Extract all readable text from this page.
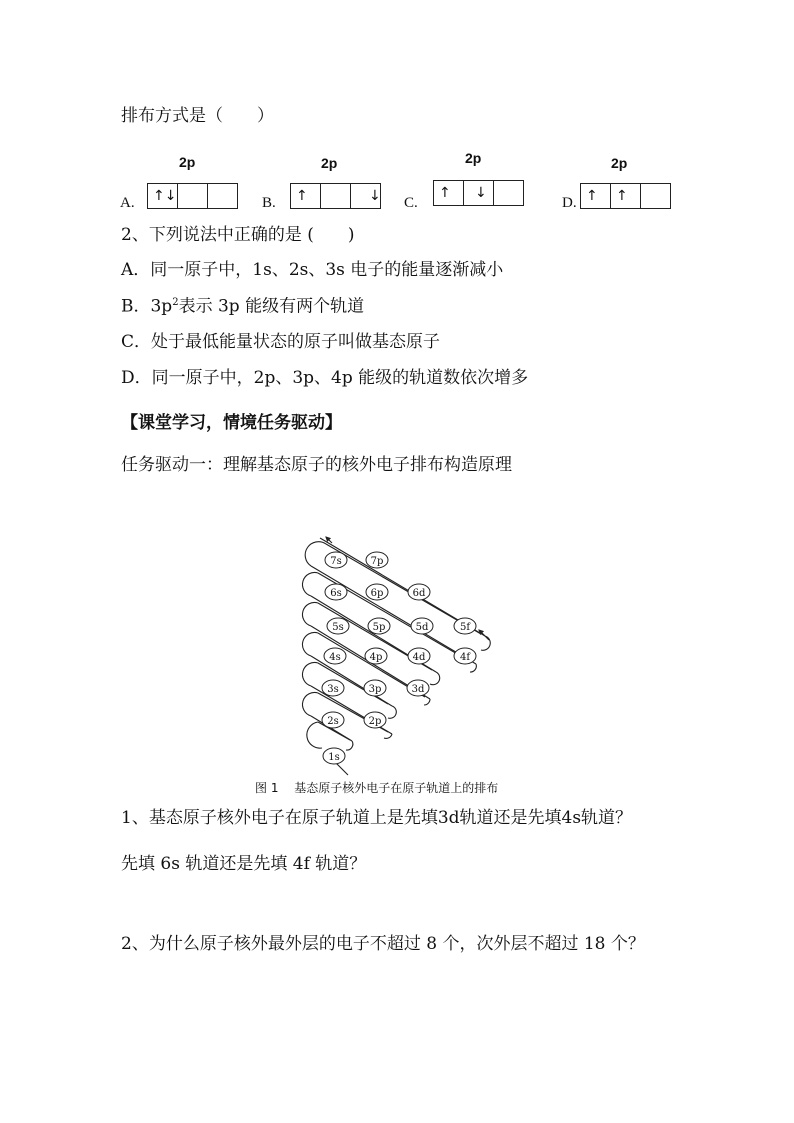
排布方式是（　　）
2p
A. ↑↓
2p
B. ↑	↓
2p
C.
↑ ↓
2p
D. ↑ ↑
2、下列说法中正确的是 (　　)
A．同一原子中，1s、2s、3s 电子的能量逐渐减小
B．$3p^2$表示 3p 能级有两个轨道
C．处于最低能量状态的原子叫做基态原子
D．同一原子中，2p、3p、4p 能级的轨道数依次增多
【课堂学习，情境任务驱动】
任务驱动一：理解基态原子的核外电子排布构造原理
7s	7p
6s	6p	6d
5s	5p	5d	5f
4s	4p	4d	4f
3s	3p	3d
2s	2p
1s
图 1　 基态原子核外电子在原子轨道上的排布
1、基态原子核外电子在原子轨道上是先填3d轨道还是先填4s轨道？
先填 6s 轨道还是先填 4f 轨道？
2、为什么原子核外最外层的电子不超过 8 个，次外层不超过 18 个？
